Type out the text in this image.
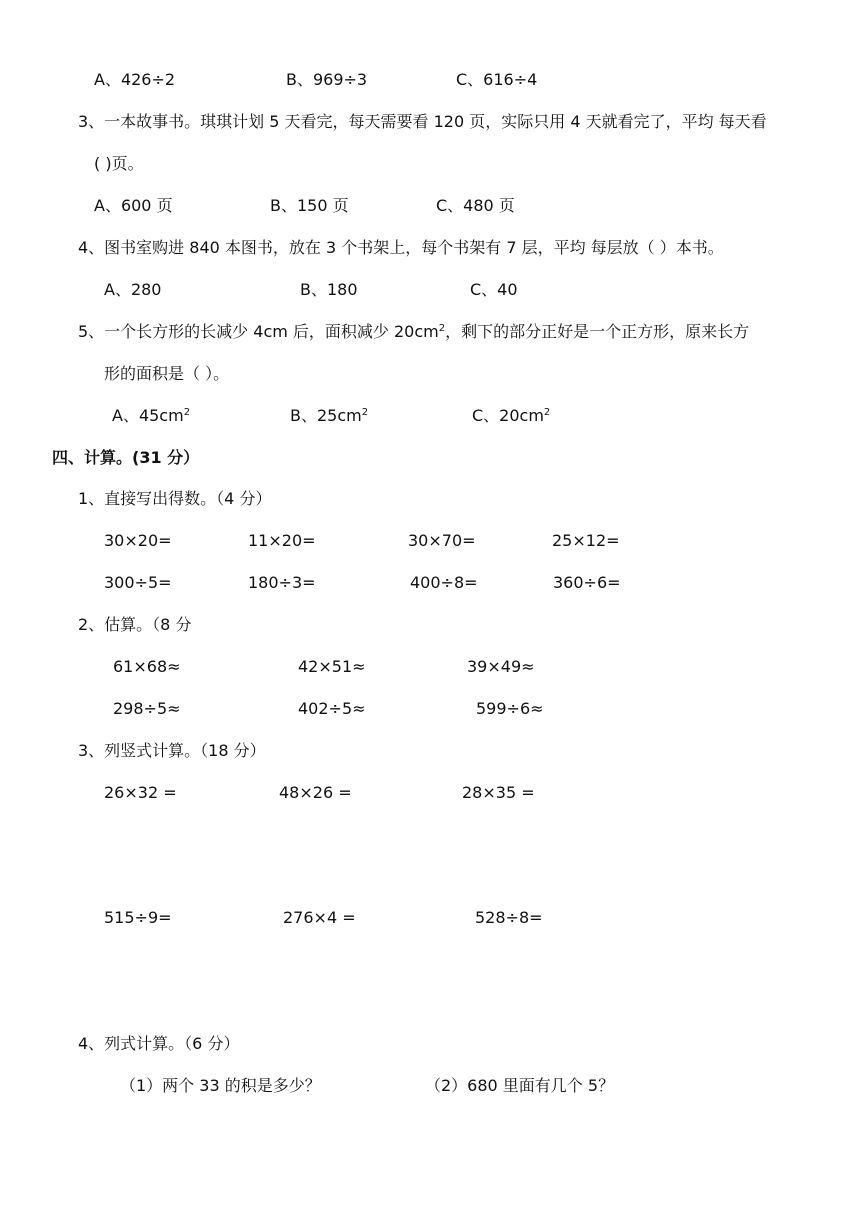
A、426÷2	B、969÷3	C、616÷4
3、一本故事书。琪琪计划 5 天看完，每天需要看 120 页，实际只用 4 天就看完了，平均 每天看
( )页。
A、600 页	B、150 页	C、480 页
4、图书室购进 840 本图书，放在 3 个书架上，每个书架有 7 层，平均 每层放（ ）本书。
A、280	B、180	C、40
5、一个长方形的长减少 4cm 后，面积减少 $20cm^2$，剩下的部分正好是一个正方形，原来长方
形的面积是（ ）。
A、$45cm^2$	B、$25cm^2$	C、$20cm^2$
四、计算。(31 分）
1、直接写出得数。（4 分）
30×20=	11×20=	30×70=	25×12=
300÷5=	180÷3=	400÷8=	360÷6=
2、估算。（8 分
61×68≈	42×51≈	39×49≈
298÷5≈	402÷5≈	599÷6≈
3、列竖式计算。（18 分）
26×32 =	48×26 =	28×35 =
515÷9=	276×4 =	528÷8=
4、列式计算。（6 分）
（1）两个 33 的积是多少？	（2）680 里面有几个 5？
